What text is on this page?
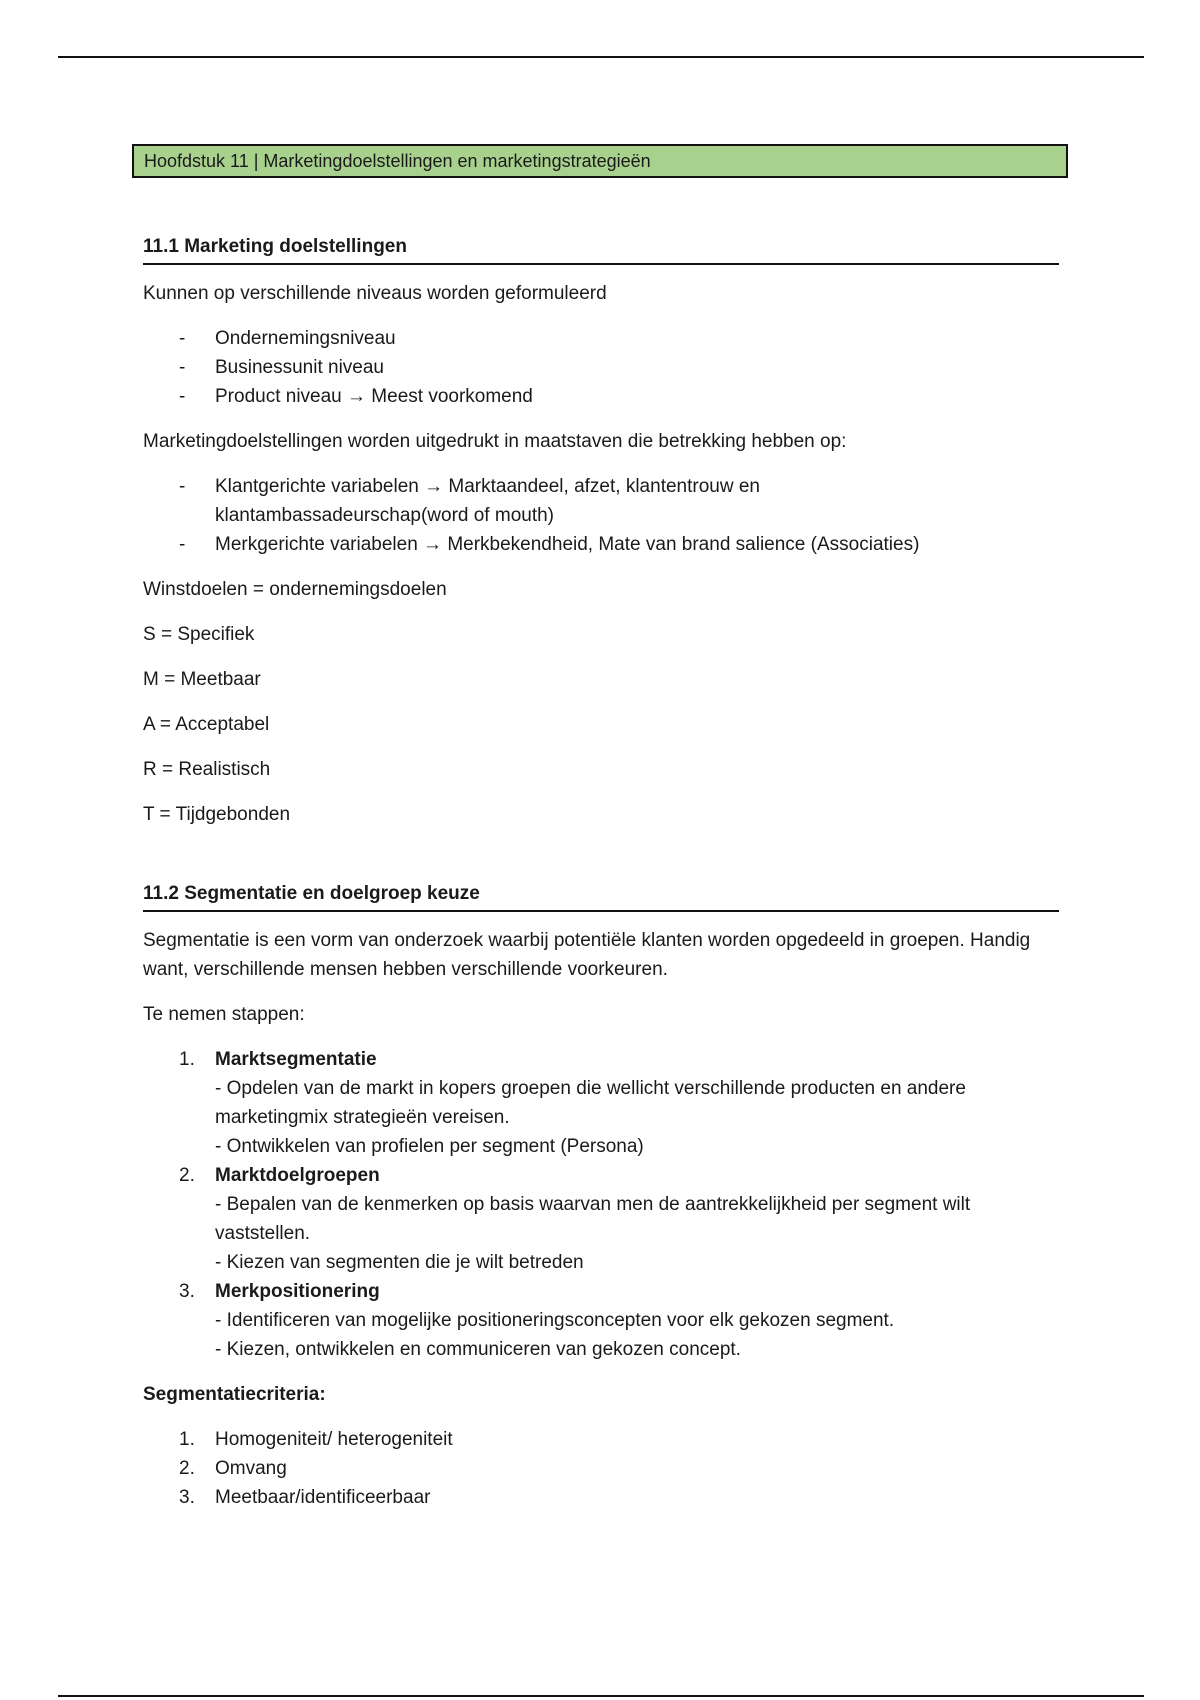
Hoofdstuk 11 | Marketingdoelstellingen en marketingstrategieën
11.1 Marketing doelstellingen

Kunnen op verschillende niveaus worden geformuleerd

- Ondernemingsniveau
- Businessunit niveau
- Product niveau → Meest voorkomend

Marketingdoelstellingen worden uitgedrukt in maatstaven die betrekking hebben op:

- Klantgerichte variabelen → Marktaandeel, afzet, klantentrouw en klantambassadeurschap(word of mouth)
- Merkgerichte variabelen → Merkbekendheid, Mate van brand salience (Associaties)

Winstdoelen = ondernemingsdoelen

S = Specifiek

M = Meetbaar

A = Acceptabel

R = Realistisch

T = Tijdgebonden

11.2 Segmentatie en doelgroep keuze

Segmentatie is een vorm van onderzoek waarbij potentiële klanten worden opgedeeld in groepen. Handig want, verschillende mensen hebben verschillende voorkeuren.

Te nemen stappen:

1. Marktsegmentatie
- Opdelen van de markt in kopers groepen die wellicht verschillende producten en andere marketingmix strategieën vereisen.
- Ontwikkelen van profielen per segment (Persona)
2. Marktdoelgroepen
- Bepalen van de kenmerken op basis waarvan men de aantrekkelijkheid per segment wilt vaststellen.
- Kiezen van segmenten die je wilt betreden
3. Merkpositionering
- Identificeren van mogelijke positioneringsconcepten voor elk gekozen segment.
- Kiezen, ontwikkelen en communiceren van gekozen concept.

Segmentatiecriteria:

1. Homogeniteit/ heterogeniteit
2. Omvang
3. Meetbaar/identificeerbaar
